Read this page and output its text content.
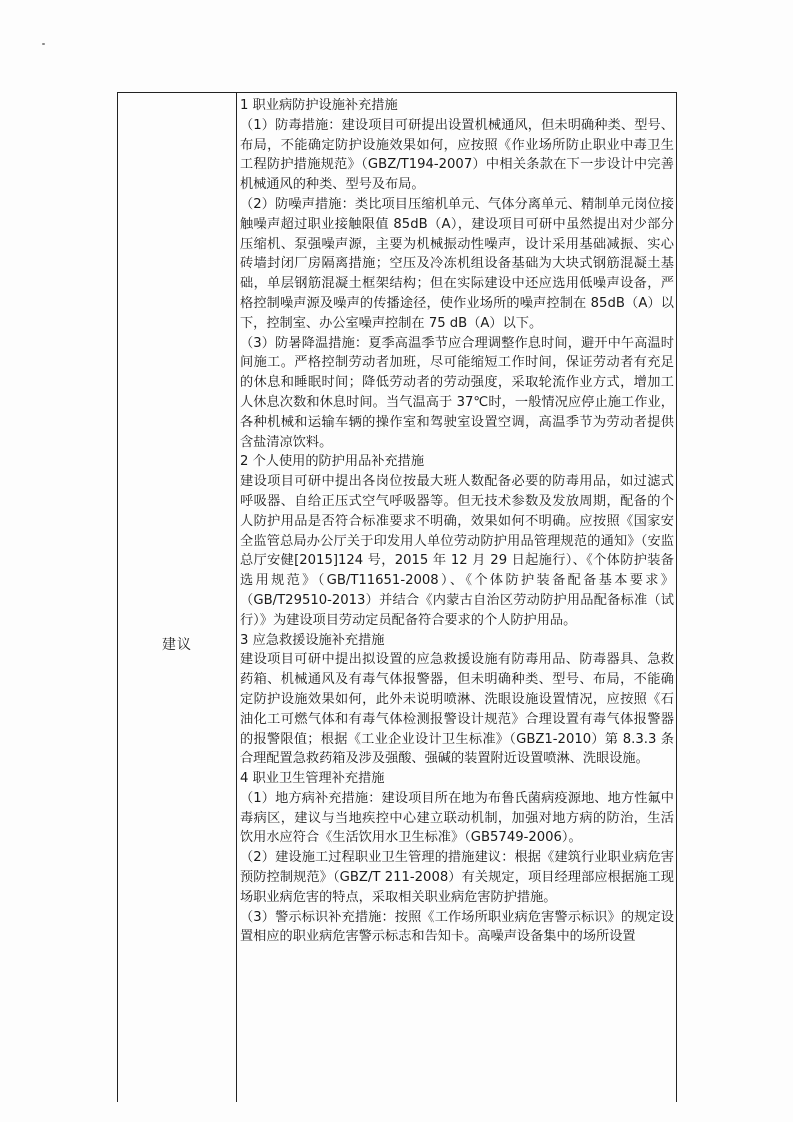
建议

1 职业病防护设施补充措施

（1）防毒措施：建设项目可研提出设置机械通风，但未明确种类、型号、布局，不能确定防护设施效果如何，应按照《作业场所防止职业中毒卫生工程防护措施规范》（GBZ/T194-2007）中相关条款在下一步设计中完善机械通风的种类、型号及布局。

（2）防噪声措施：类比项目压缩机单元、气体分离单元、精制单元岗位接触噪声超过职业接触限值 85dB（A），建设项目可研中虽然提出对少部分压缩机、泵强噪声源，主要为机械振动性噪声，设计采用基础减振、实心砖墙封闭厂房隔离措施；空压及冷冻机组设备基础为大块式钢筋混凝土基础，单层钢筋混凝土框架结构；但在实际建设中还应选用低噪声设备，严格控制噪声源及噪声的传播途径，使作业场所的噪声控制在 85dB（A）以下，控制室、办公室噪声控制在 75 dB（A）以下。

（3）防暑降温措施：夏季高温季节应合理调整作息时间，避开中午高温时间施工。严格控制劳动者加班，尽可能缩短工作时间，保证劳动者有充足的休息和睡眠时间；降低劳动者的劳动强度，采取轮流作业方式，增加工人休息次数和休息时间。当气温高于 37℃时，一般情况应停止施工作业，各种机械和运输车辆的操作室和驾驶室设置空调，高温季节为劳动者提供含盐清凉饮料。

2 个人使用的防护用品补充措施

建设项目可研中提出各岗位按最大班人数配备必要的防毒用品，如过滤式呼吸器、自给正压式空气呼吸器等。但无技术参数及发放周期，配备的个人防护用品是否符合标准要求不明确，效果如何不明确。应按照《国家安全监管总局办公厅关于印发用人单位劳动防护用品管理规范的通知》（安监总厅安健[2015]124 号，2015 年 12 月 29 日起施行）、《个体防护装备选用规范》（GB/T11651-2008）、《个体防护装备配备基本要求》（GB/T29510-2013）并结合《内蒙古自治区劳动防护用品配备标准（试行）》为建设项目劳动定员配备符合要求的个人防护用品。

3 应急救援设施补充措施

建设项目可研中提出拟设置的应急救援设施有防毒用品、防毒器具、急救药箱、机械通风及有毒气体报警器，但未明确种类、型号、布局，不能确定防护设施效果如何，此外未说明喷淋、洗眼设施设置情况，应按照《石油化工可燃气体和有毒气体检测报警设计规范》合理设置有毒气体报警器的报警限值；根据《工业企业设计卫生标准》（GBZ1-2010）第 8.3.3 条合理配置急救药箱及涉及强酸、强碱的装置附近设置喷淋、洗眼设施。

4 职业卫生管理补充措施

（1）地方病补充措施：建设项目所在地为布鲁氏菌病疫源地、地方性氟中毒病区，建议与当地疾控中心建立联动机制，加强对地方病的防治，生活饮用水应符合《生活饮用水卫生标准》（GB5749-2006）。

（2）建设施工过程职业卫生管理的措施建议：根据《建筑行业职业病危害预防控制规范》（GBZ/T 211-2008）有关规定，项目经理部应根据施工现场职业病危害的特点，采取相关职业病危害防护措施。

（3）警示标识补充措施：按照《工作场所职业病危害警示标识》的规定设置相应的职业病危害警示标志和告知卡。高噪声设备集中的场所设置
